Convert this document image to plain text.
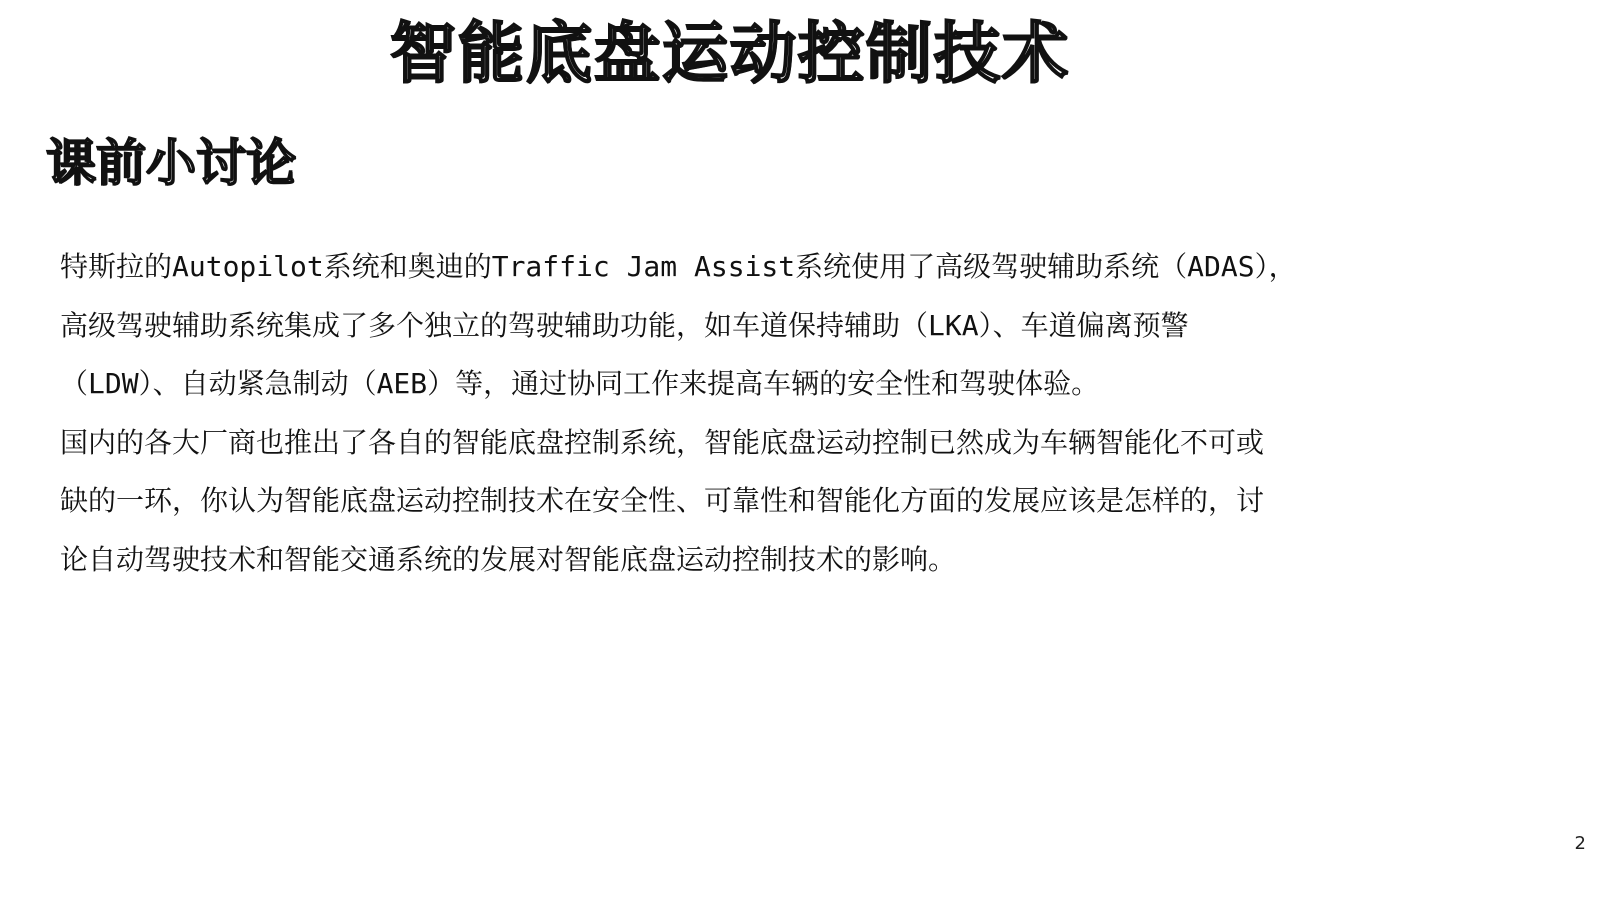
智能底盘运动控制技术
课前小讨论
特斯拉的Autopilot系统和奥迪的Traffic Jam Assist系统使用了高级驾驶辅助系统（ADAS），
高级驾驶辅助系统集成了多个独立的驾驶辅助功能，如车道保持辅助（LKA）、车道偏离预警
（LDW）、自动紧急制动（AEB）等，通过协同工作来提高车辆的安全性和驾驶体验。
国内的各大厂商也推出了各自的智能底盘控制系统，智能底盘运动控制已然成为车辆智能化不可或
缺的一环，你认为智能底盘运动控制技术在安全性、可靠性和智能化方面的发展应该是怎样的，讨
论自动驾驶技术和智能交通系统的发展对智能底盘运动控制技术的影响。
2
